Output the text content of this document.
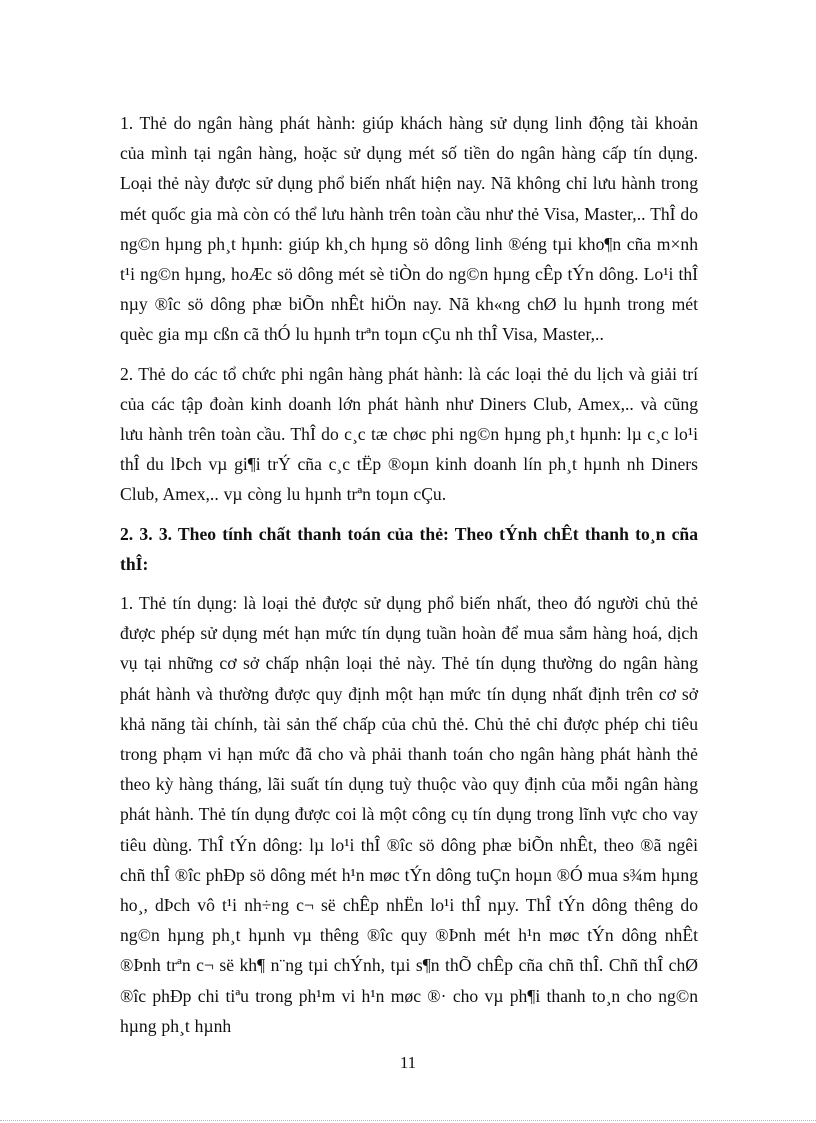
1. Thẻ do ngân hàng phát hành: giúp khách hàng sử dụng linh động tài khoản của mình tại ngân hàng, hoặc sử dụng mét số tiền do ngân hàng cấp tín dụng. Loại thẻ này được sử dụng phổ biến nhất hiện nay. Nã không chỉ lưu hành trong mét quốc gia mà còn có thể lưu hành trên toàn cầu như thẻ Visa, Master,.. ThÎ do ng©n hµng ph¸t hµnh: giúp kh¸ch hµng sö dông linh ®éng tµi kho¶n cña m×nh t¹i ng©n hµng, hoÆc sö dông mét sè tiÒn do ng©n hµng cÊp tÝn dông. Lo¹i thÎ nµy ®îc sö dông phæ biÕn nhÊt hiÖn nay. Nã kh«ng chØ lu hµnh trong mét quèc gia mµ cßn cã thÓ lu hµnh trªn toµn cÇu nh thÎ Visa, Master,..

2. Thẻ do các tổ chức phi ngân hàng phát hành: là các loại thẻ du lịch và giải trí của các tập đoàn kinh doanh lớn phát hành như Diners Club, Amex,.. và cũng lưu hành trên toàn cầu. ThÎ do c¸c tæ chøc phi ng©n hµng ph¸t hµnh: lµ c¸c lo¹i thÎ du lÞch vµ gi¶i trÝ cña c¸c tËp ®oµn kinh doanh lín ph¸t hµnh nh Diners Club, Amex,.. vµ còng lu hµnh trªn toµn cÇu.

2. 3. 3. Theo tính chất thanh toán của thẻ: Theo tÝnh chÊt thanh to¸n cña thÎ:

1. Thẻ tín dụng: là loại thẻ được sử dụng phổ biến nhất, theo đó người chủ thẻ được phép sử dụng mét hạn mức tín dụng tuần hoàn để mua sắm hàng hoá, dịch vụ tại những cơ sở chấp nhận loại thẻ này. Thẻ tín dụng thường do ngân hàng phát hành và thường được quy định một hạn mức tín dụng nhất định trên cơ sở khả năng tài chính, tài sản thế chấp của chủ thẻ. Chủ thẻ chỉ được phép chi tiêu trong phạm vi hạn mức đã cho và phải thanh toán cho ngân hàng phát hành thẻ theo kỳ hàng tháng, lãi suất tín dụng tuỳ thuộc vào quy định của mỗi ngân hàng phát hành. Thẻ tín dụng được coi là một công cụ tín dụng trong lĩnh vực cho vay tiêu dùng. ThÎ tÝn dông: lµ lo¹i thÎ ®îc sö dông phæ biÕn nhÊt, theo ®ã ngêi chñ thÎ ®îc phÐp sö dông mét h¹n møc tÝn dông tuÇn hoµn ®Ó mua s¾m hµng ho¸, dÞch vô t¹i nh÷ng c¬ së chÊp nhËn lo¹i thÎ nµy. ThÎ tÝn dông thêng do ng©n hµng ph¸t hµnh vµ thêng ®îc quy ®Þnh mét h¹n møc tÝn dông nhÊt ®Þnh trªn c¬ së kh¶ n¨ng tµi chÝnh, tµi s¶n thÕ chÊp cña chñ thÎ. Chñ thÎ chØ ®îc phÐp chi tiªu trong ph¹m vi h¹n møc ®· cho vµ ph¶i thanh to¸n cho ng©n hµng ph¸t hµnh

11
